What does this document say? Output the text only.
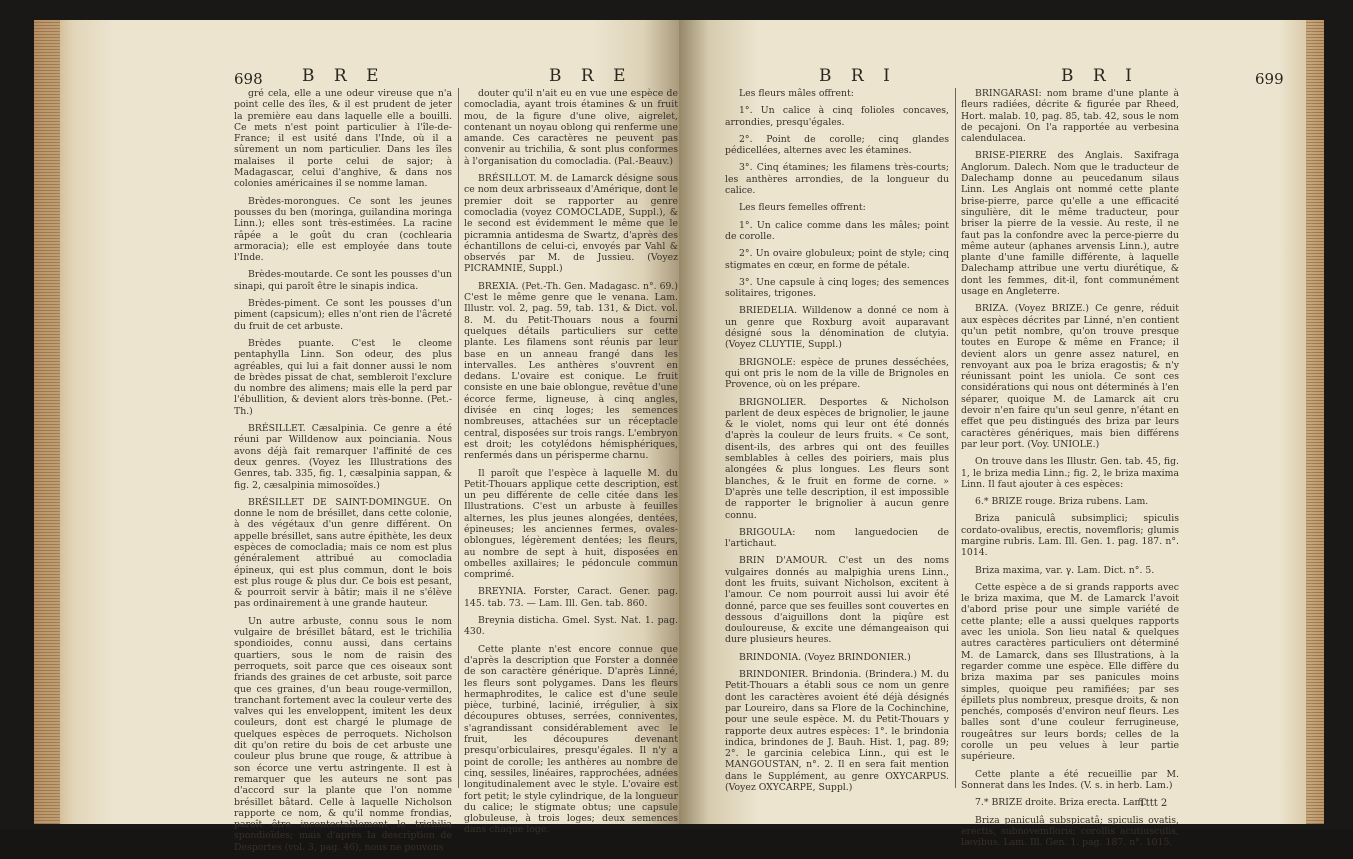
698 B R E	B R E

gré cela, elle a une odeur vireuse que n'a point celle des îles, & il est prudent de jeter la première eau dans laquelle elle a bouilli. Ce mets n'est point particulier à l'île-de-France; il est usité dans l'Inde, où il a sûrement un nom particulier. Dans les îles malaises il porte celui de sajor; à Madagascar, celui d'anghive, & dans nos colonies américaines il se nomme laman.

Brèdes-morongues. Ce sont les jeunes pousses du ben (moringa, guilandina moringa Linn.); elles sont très-estimées. La racine râpée a le goût du cran (cochlearia armoracia); elle est employée dans toute l'Inde.

Brèdes-moutarde. Ce sont les pousses d'un sinapi, qui paroît être le sinapis indica.

Brèdes-piment. Ce sont les pousses d'un piment (capsicum); elles n'ont rien de l'âcreté du fruit de cet arbuste.

Brèdes puante. C'est le cleome pentaphylla Linn. Son odeur, des plus agréables, qui lui a fait donner aussi le nom de brèdes pissat de chat, sembleroit l'exclure du nombre des alimens; mais elle la perd par l'ébullition, & devient alors très-bonne. (Pet.-Th.)

BRÉSILLET. Cæsalpinia. Ce genre a été réuni par Willdenow aux poinciania. Nous avons déjà fait remarquer l'affinité de ces deux genres. (Voyez les Illustrations des Genres, tab. 335, fig. 1, cæsalpinia sappan, & fig. 2, cæsalpinia mimosoïdes.)

BRÉSILLET DE SAINT-DOMINGUE. On donne le nom de brésillet, dans cette colonie, à des végétaux d'un genre différent. On appelle brésillet, sans autre épithète, les deux espèces de comocladia; mais ce nom est plus généralement attribué au comocladia épineux, qui est plus commun, dont le bois est plus rouge & plus dur. Ce bois est pesant, & pourroit servir à bâtir; mais il ne s'élève pas ordinairement à une grande hauteur.

Un autre arbuste, connu sous le nom vulgaire de brésillet bâtard, est le trichilia spondioides, connu aussi, dans certains quartiers, sous le nom de raisin des perroquets, soit parce que ces oiseaux sont friands des graines de cet arbuste, soit parce que ces graines, d'un beau rouge-vermillon, tranchant fortement avec la couleur verte des valves qui les enveloppent, imitent les deux couleurs, dont est chargé le plumage de quelques espèces de perroquets. Nicholson dit qu'on retire du bois de cet arbuste une couleur plus brune que rouge, & attribue à son écorce une vertu astringente. Il est à remarquer que les auteurs ne sont pas d'accord sur la plante que l'on nomme brésillet bâtard. Celle à laquelle Nicholson rapporte ce nom, & qu'il nomme frondias, paroît être incontestablement le trichilia spondioïdes; mais d'après la description de Desportes (vol. 3, pag. 46), nous ne pouvons

douter qu'il n'ait eu en vue une espèce de comocladia, ayant trois étamines & un fruit mou, de la figure d'une olive, aigrelet, contenant un noyau oblong qui renferme une amande. Ces caractères ne peuvent pas convenir au trichilia, & sont plus conformes à l'organisation du comocladia. (Pal.-Beauv.)

BRÉSILLOT. M. de Lamarck désigne sous ce nom deux arbrisseaux d'Amérique, dont le premier doit se rapporter au genre comocladia (voyez COMOCLADE, Suppl.), & le second est évidemment le même que le picramnia antidesma de Swartz, d'après des échantillons de celui-ci, envoyés par Vahl & observés par M. de Jussieu. (Voyez PICRAMNIE, Suppl.)

BREXIA. (Pet.-Th. Gen. Madagasc. n°. 69.) C'est le même genre que le venana. Lam. Illustr. vol. 2, pag. 59, tab. 131, & Dict. vol. 8. M. du Petit-Thouars nous a fourni quelques détails particuliers sur cette plante. Les filamens sont réunis par leur base en un anneau frangé dans les intervalles. Les anthères s'ouvrent en dedans. L'ovaire est conique. Le fruit consiste en une baie oblongue, revêtue d'une écorce ferme, ligneuse, à cinq angles, divisée en cinq loges; les semences nombreuses, attachées sur un réceptacle central, disposées sur trois rangs. L'embryon est droit; les cotylédons hémisphériques, renfermés dans un périsperme charnu.

Il paroît que l'espèce à laquelle M. du Petit-Thouars applique cette description, est un peu différente de celle citée dans les Illustrations. C'est un arbuste à feuilles alternes, les plus jeunes alongées, dentées, épineuses; les anciennes fermes, ovales-oblongues, légèrement dentées; les fleurs, au nombre de sept à huit, disposées en ombelles axillaires; le pédoncule commun comprimé.

BREYNIA. Forster, Caract. Gener. pag. 145. tab. 73. — Lam. Ill. Gen. tab. 860.

Breynia disticha. Gmel. Syst. Nat. 1. pag. 430.

Cette plante n'est encore connue que d'après la description que Forster a donnée de son caractère générique. D'après Linné, les fleurs sont polygames. Dans les fleurs hermaphrodites, le calice est d'une seule pièce, turbiné, lacinié, irrégulier, à six découpures obtuses, serrées, conniventes, s'agrandissant considérablement avec le fruit, les découpures devenant presqu'orbiculaires, presqu'égales. Il n'y a point de corolle; les anthères au nombre de cinq, sessiles, linéaires, rapprochées, adnées longitudinalement avec le style. L'ovaire est fort petit; le style cylindrique, de la longueur du calice; le stigmate obtus; une capsule globuleuse, à trois loges; deux semences dans chaque loge.

B R I	B R I	699

Les fleurs mâles offrent:

1°. Un calice à cinq folioles concaves, arrondies, presqu'égales.

2°. Point de corolle; cinq glandes pédicellées, alternes avec les étamines.

3°. Cinq étamines; les filamens très-courts; les anthères arrondies, de la longueur du calice.

Les fleurs femelles offrent:

1°. Un calice comme dans les mâles; point de corolle.

2°. Un ovaire globuleux; point de style; cinq stigmates en cœur, en forme de pétale.

3°. Une capsule à cinq loges; des semences solitaires, trigones.

BRIEDELIA. Willdenow a donné ce nom à un genre que Roxburg avoit auparavant désigné sous la dénomination de clutyia. (Voyez CLUYTIE, Suppl.)

BRIGNOLE: espèce de prunes desséchées, qui ont pris le nom de la ville de Brignoles en Provence, où on les prépare.

BRIGNOLIER. Desportes & Nicholson parlent de deux espèces de brignolier, le jaune & le violet, noms qui leur ont été donnés d'après la couleur de leurs fruits. « Ce sont, disent-ils, des arbres qui ont des feuilles semblables à celles des poiriers, mais plus alongées & plus longues. Les fleurs sont blanches, & le fruit en forme de corne. » D'après une telle description, il est impossible de rapporter le brignolier à aucun genre connu.

BRIGOULA: nom languedocien de l'artichaut.

BRIN D'AMOUR. C'est un des noms vulgaires donnés au malpighia urens Linn., dont les fruits, suivant Nicholson, excitent à l'amour. Ce nom pourroit aussi lui avoir été donné, parce que ses feuilles sont couvertes en dessous d'aiguillons dont la piqûre est douloureuse, & excite une démangeaison qui dure plusieurs heures.

BRINDONIA. (Voyez BRINDONIER.)

BRINDONIER. Brindonia. (Brindera.) M. du Petit-Thouars a établi sous ce nom un genre dont les caractères avoient été déjà désignés par Loureiro, dans sa Flore de la Cochinchine, pour une seule espèce. M. du Petit-Thouars y rapporte deux autres espèces: 1°. le brindonia indica, brindones de J. Bauh. Hist. 1, pag. 89; 2°. le garcinia celebica Linn., qui est le MANGOUSTAN, n°. 2. Il en sera fait mention dans le Supplément, au genre OXYCARPUS. (Voyez OXYCARPE, Suppl.)

BRINGARASI: nom brame d'une plante à fleurs radiées, décrite & figurée par Rheed, Hort. malab. 10, pag. 85, tab. 42, sous le nom de pecajoni. On l'a rapportée au verbesina calendulacea.

BRISE-PIERRE des Anglais. Saxifraga Anglorum. Dalech. Nom que le traducteur de Dalechamp donne au peucedanum silaus Linn. Les Anglais ont nommé cette plante brise-pierre, parce qu'elle a une efficacité singulière, dit le même traducteur, pour briser la pierre de la vessie. Au reste, il ne faut pas la confondre avec la perce-pierre du même auteur (aphanes arvensis Linn.), autre plante d'une famille différente, à laquelle Dalechamp attribue une vertu diurétique, & dont les femmes, dit-il, font communément usage en Angleterre.

BRIZA. (Voyez BRIZE.) Ce genre, réduit aux espèces décrites par Linné, n'en contient qu'un petit nombre, qu'on trouve presque toutes en Europe & même en France; il devient alors un genre assez naturel, en renvoyant aux poa le briza eragostis; & n'y réunissant point les uniola. Ce sont ces considérations qui nous ont déterminés à l'en séparer, quoique M. de Lamarck ait cru devoir n'en faire qu'un seul genre, n'étant en effet que peu distingués des briza par leurs caractères génériques, mais bien différens par leur port. (Voy. UNIOLE.)

On trouve dans les Illustr. Gen. tab. 45, fig. 1, le briza media Linn.; fig. 2, le briza maxima Linn. Il faut ajouter à ces espèces:

6.* BRIZE rouge. Briza rubens. Lam.

Briza paniculâ subsimplici; spiculis cordato-ovalibus, erectis, novemfloris; glumis margine rubris. Lam. Ill. Gen. 1. pag. 187. n°. 1014.

Briza maxima, var. γ. Lam. Dict. n°. 5.

Cette espèce a de si grands rapports avec le briza maxima, que M. de Lamarck l'avoit d'abord prise pour une simple variété de cette plante; elle a aussi quelques rapports avec les uniola. Son lieu natal & quelques autres caractères particuliers ont déterminé M. de Lamarck, dans ses Illustrations, à la regarder comme une espèce. Elle diffère du briza maxima par ses panicules moins simples, quoique peu ramifiées; par ses épillets plus nombreux, presque droits, & non penchés, composés d'environ neuf fleurs. Les balles sont d'une couleur ferrugineuse, rougeâtres sur leurs bords; celles de la corolle un peu velues à leur partie supérieure.

Cette plante a été recueillie par M. Sonnerat dans les Indes. (V. s. in herb. Lam.)

7.* BRIZE droite. Briza erecta. Lam.

Briza paniculâ subspicatâ; spiculis ovatis, erectis, subnovemfloris; corollis acutiusculis, lævibus. Lam. Ill. Gen. 1. pag. 187. n°. 1015.

Tttt 2
